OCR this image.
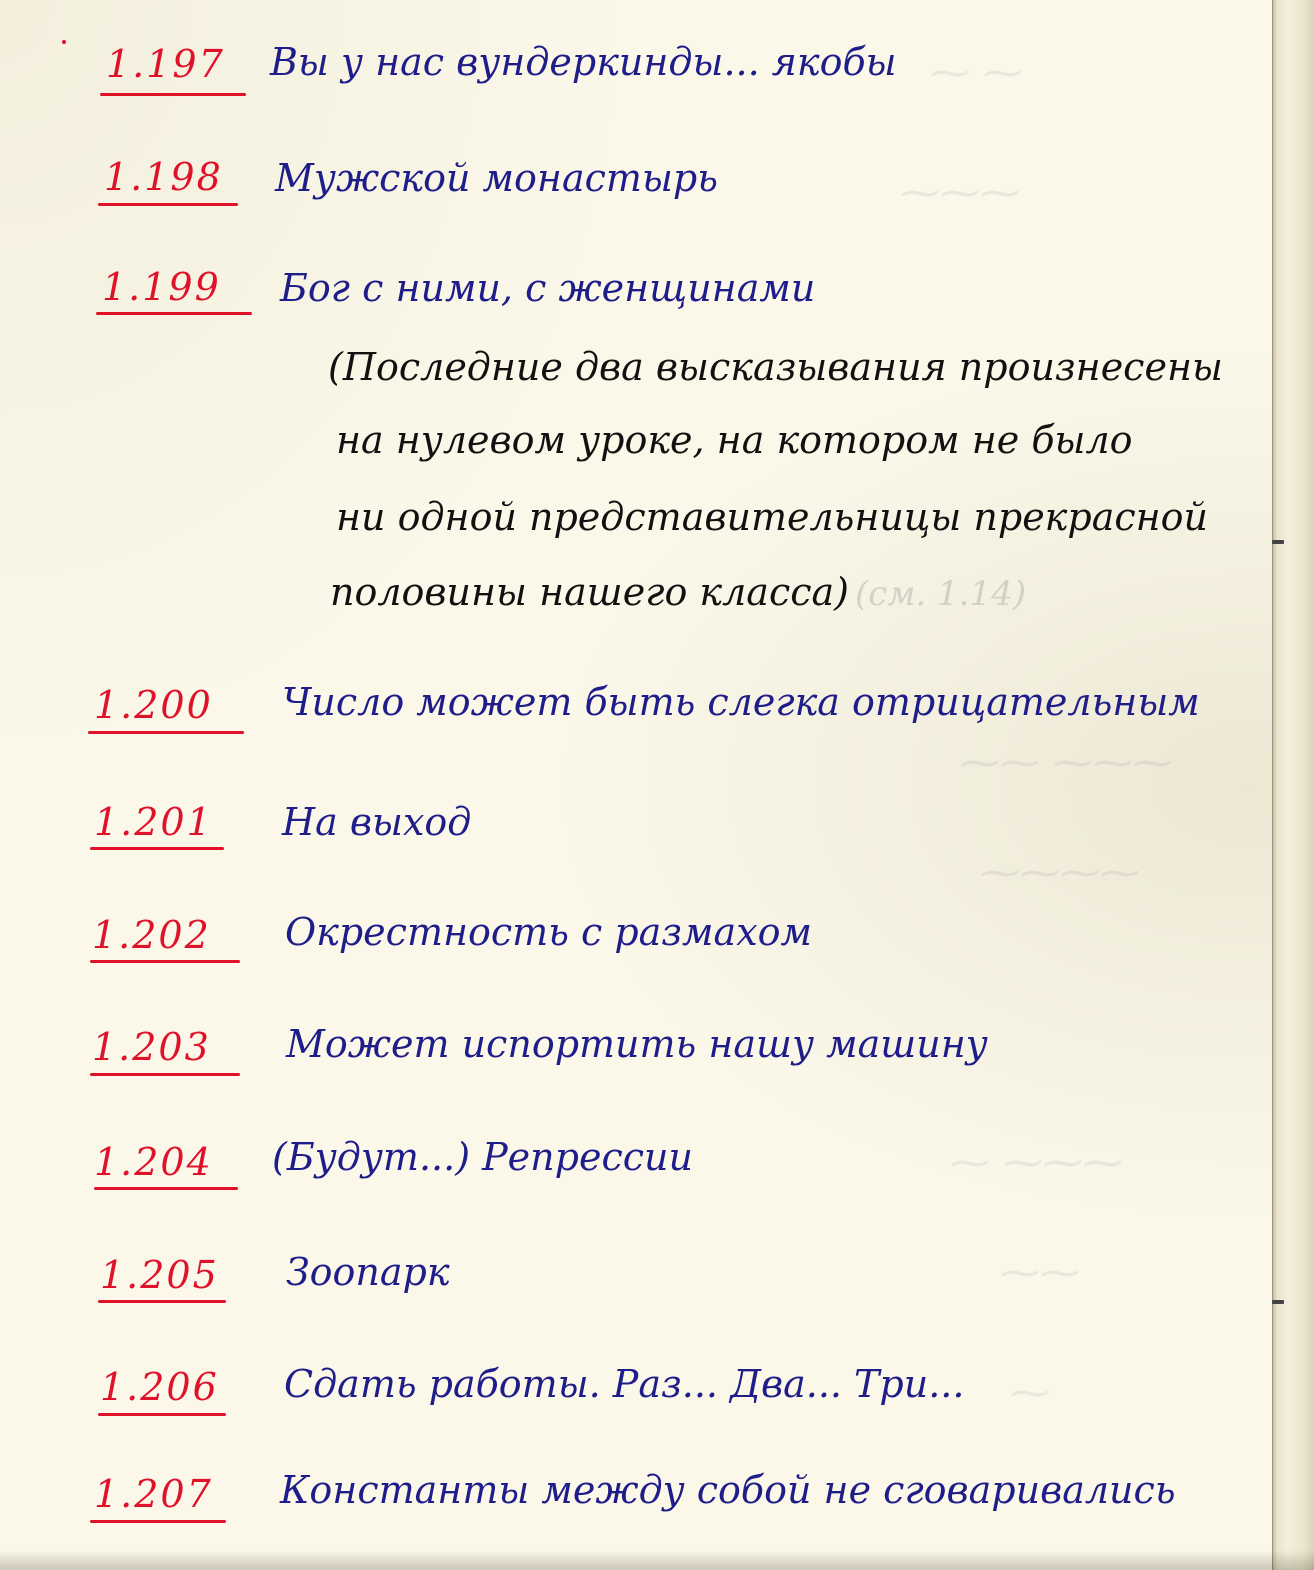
⁓ ⁓
⁓⁓⁓
⁓⁓ ⁓⁓⁓
⁓⁓⁓⁓
⁓ ⁓⁓⁓
⁓⁓
⁓
1.197 Вы у нас вундеркинды... якобы
1.198 Мужской монастырь
1.199 Бог с ними, с женщинами
(Последние два высказывания произнесены
на нулевом уроке, на котором не было
ни одной представительницы прекрасной
половины нашего класса) (см. 1.14)
1.200 Число может быть слегка отрицательным
1.201 На выход
1.202 Окрестность с размахом
1.203 Может испортить нашу машину
1.204 (Будут...) Репрессии
1.205 Зоопарк
1.206 Сдать работы. Раз... Два... Три...
1.207 Константы между собой не сговаривались
